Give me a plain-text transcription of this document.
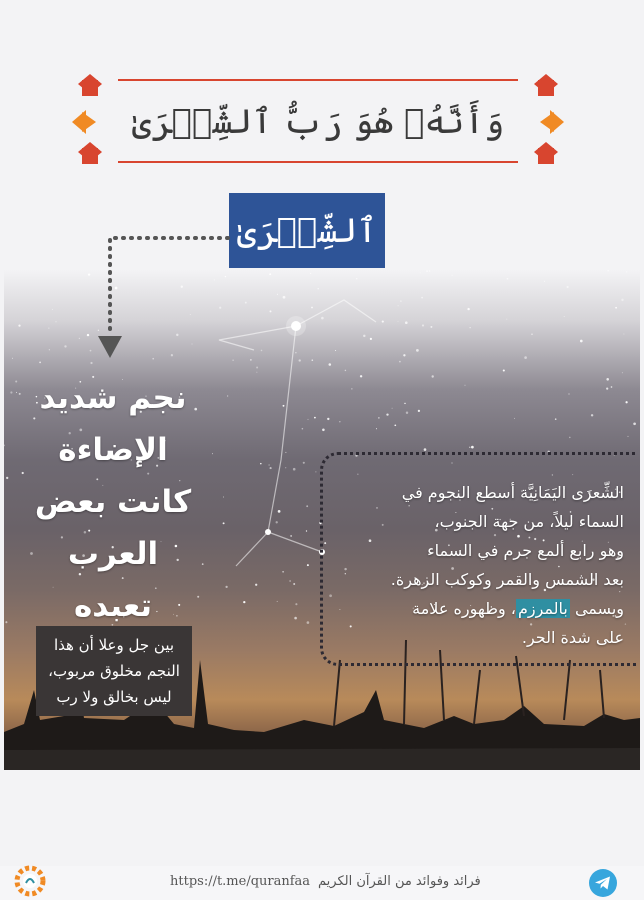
وَأَنَّهُۥ هُوَ رَبُّ ٱلشِّعۡرَىٰ
ٱلشِّعۡرَىٰ
نجم شديد
الإضاءة
كانت بعض
العرب
تعبده
بين جل وعلا أن هذا
النجم مخلوق مربوب،
ليس بخالق ولا رب
الشِّعرَى اليَمَانِيَّة أسطع النجوم في
السماء ليلاً، من جهة الجنوب،
وهو رابع ألمع جرم في السماء
بعد الشمس والقمر وكوكب الزهرة.
ويسمى بالمرزم، وظهوره علامة
على شدة الحر.
https://t.me/quranfaa فرائد وفوائد من القرآن الكريم
